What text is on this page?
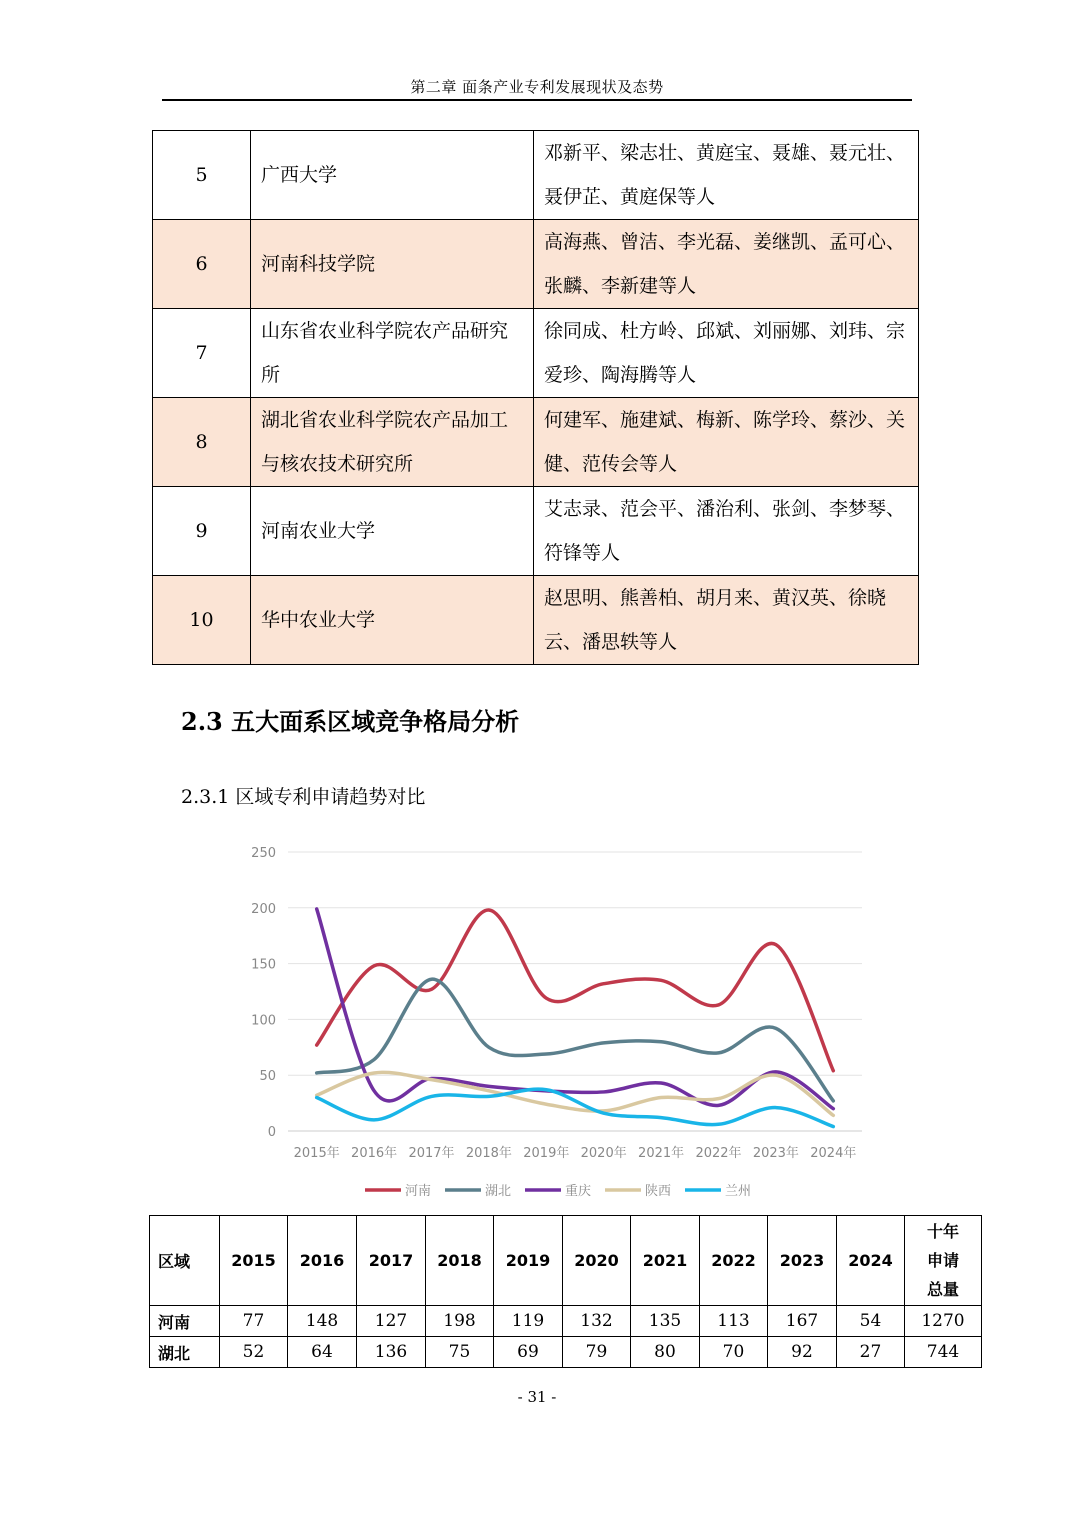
第二章 面条产业专利发展现状及态势
5	广西大学	邓新平、梁志壮、黄庭宝、聂雄、聂元壮、聂伊芷、黄庭保等人
6	河南科技学院	高海燕、曾洁、李光磊、姜继凯、孟可心、张麟、李新建等人
7	山东省农业科学院农产品研究所	徐同成、杜方岭、邱斌、刘丽娜、刘玮、宗爱珍、陶海腾等人
8	湖北省农业科学院农产品加工与核农技术研究所	何建军、施建斌、梅新、陈学玲、蔡沙、关健、范传会等人
9	河南农业大学	艾志录、范会平、潘治利、张剑、李梦琴、符锋等人
10	华中农业大学	赵思明、熊善柏、胡月来、黄汉英、徐晓云、潘思轶等人
2.3 五大面系区域竞争格局分析
2.3.1 区域专利申请趋势对比
0
50
100
150
200
250
2015年 2016年 2017年 2018年 2019年 2020年 2021年 2022年 2023年 2024年
河南	湖北	重庆	陕西	兰州
区域	2015	2016	2017	2018	2019	2020	2021	2022	2023	2024	十年
申请
总量

河南	77	148	127	198	119	132	135	113	167	54	1270
湖北	52	64	136	75	69	79	80	70	92	27	744
- 31 -
